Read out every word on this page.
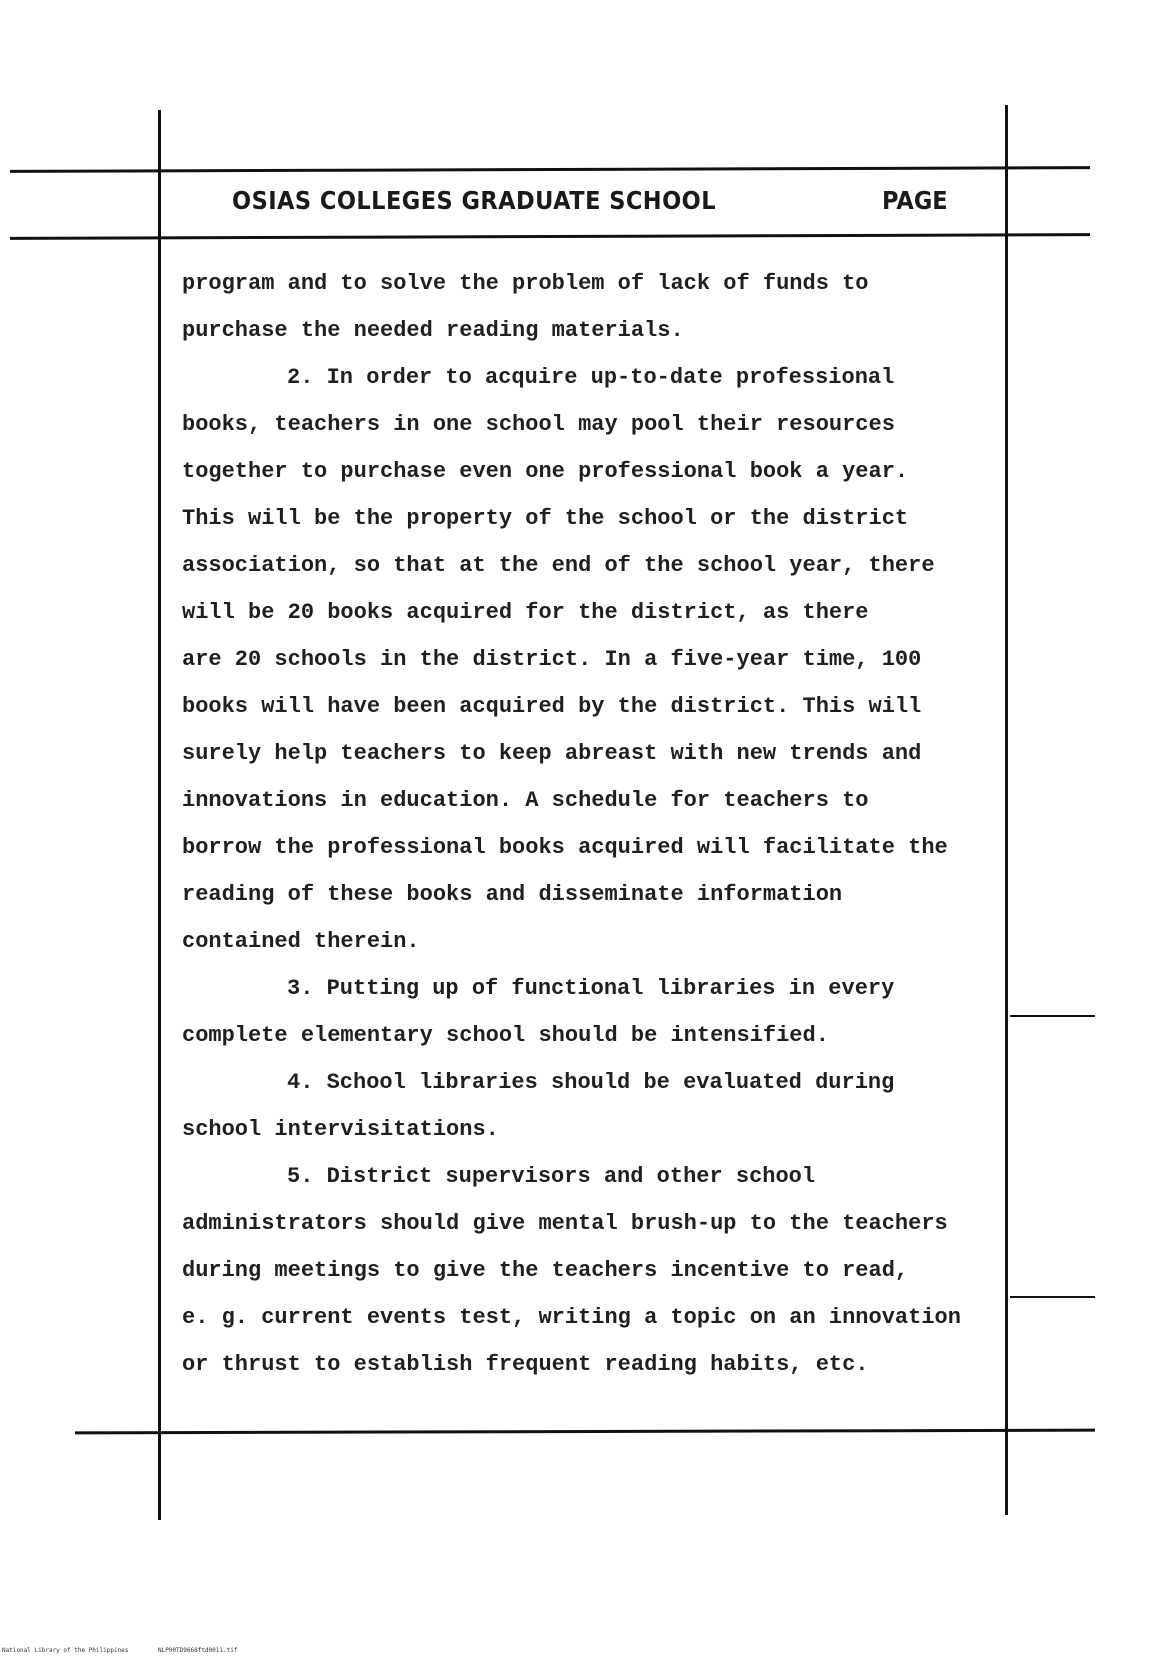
OSIAS COLLEGES GRADUATE SCHOOL	PAGE
program and to solve the problem of lack of funds to
purchase the needed reading materials.
2. In order to acquire up-to-date professional
books, teachers in one school may pool their resources
together to purchase even one professional book a year.
This will be the property of the school or the district
association, so that at the end of the school year, there
will be 20 books acquired for the district, as there
are 20 schools in the district. In a five-year time, 100
books will have been acquired by the district. This will
surely help teachers to keep abreast with new trends and
innovations in education. A schedule for teachers to
borrow the professional books acquired will facilitate the
reading of these books and disseminate information
contained therein.
3. Putting up of functional libraries in every
complete elementary school should be intensified.
4. School libraries should be evaluated during
school intervisitations.
5. District supervisors and other school
administrators should give mental brush-up to the teachers
during meetings to give the teachers incentive to read,
e. g. current events test, writing a topic on an innovation
or thrust to establish frequent reading habits, etc.
National Library of the Philippines	NLP00TD9668ftd0011.tif
